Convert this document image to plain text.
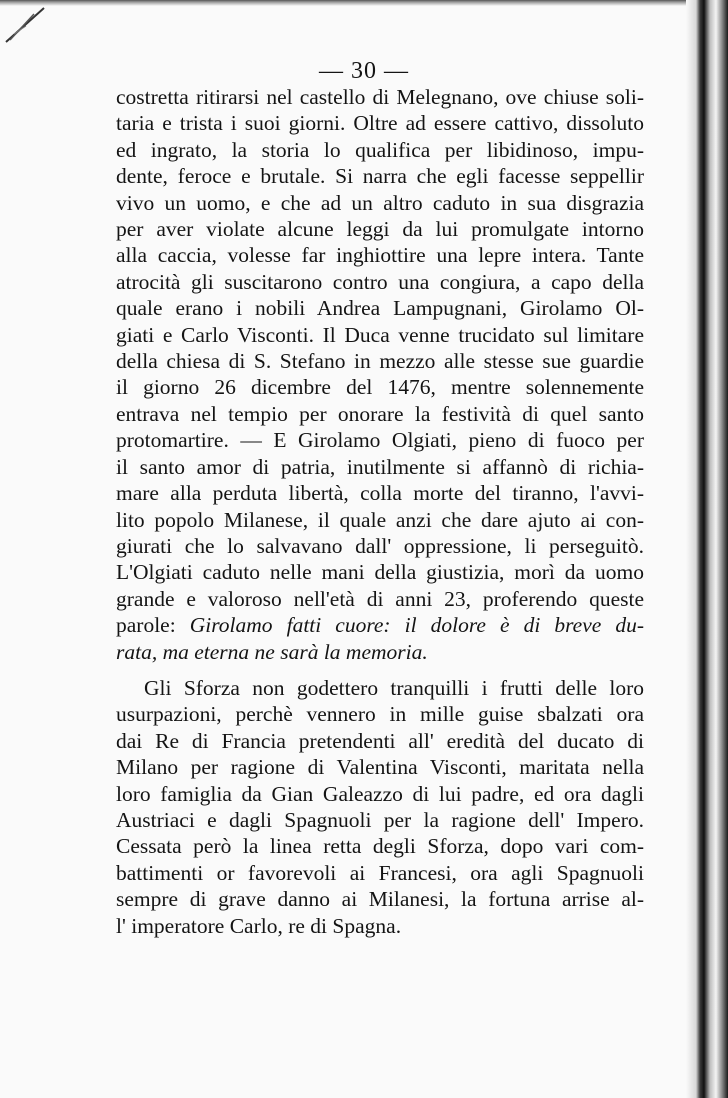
— 30 —
costretta ritirarsi nel castello di Melegnano, ove chiuse soli-
taria e trista i suoi giorni. Oltre ad essere cattivo, dissoluto
ed ingrato, la storia lo qualifica per libidinoso, impu-
dente, feroce e brutale. Si narra che egli facesse seppellir
vivo un uomo, e che ad un altro caduto in sua disgrazia
per aver violate alcune leggi da lui promulgate intorno
alla caccia, volesse far inghiottire una lepre intera. Tante
atrocità gli suscitarono contro una congiura, a capo della
quale erano i nobili Andrea Lampugnani, Girolamo Ol-
giati e Carlo Visconti. Il Duca venne trucidato sul limitare
della chiesa di S. Stefano in mezzo alle stesse sue guardie
il giorno 26 dicembre del 1476, mentre solennemente
entrava nel tempio per onorare la festività di quel santo
protomartire. — E Girolamo Olgiati, pieno di fuoco per
il santo amor di patria, inutilmente si affannò di richia-
mare alla perduta libertà, colla morte del tiranno, l'avvi-
lito popolo Milanese, il quale anzi che dare ajuto ai con-
giurati che lo salvavano dall' oppressione, li perseguitò.
L'Olgiati caduto nelle mani della giustizia, morì da uomo
grande e valoroso nell'età di anni 23, proferendo queste
parole: Girolamo fatti cuore: il dolore è di breve du-
rata, ma eterna ne sarà la memoria.
Gli Sforza non godettero tranquilli i frutti delle loro
usurpazioni, perchè vennero in mille guise sbalzati ora
dai Re di Francia pretendenti all' eredità del ducato di
Milano per ragione di Valentina Visconti, maritata nella
loro famiglia da Gian Galeazzo di lui padre, ed ora dagli
Austriaci e dagli Spagnuoli per la ragione dell' Impero.
Cessata però la linea retta degli Sforza, dopo vari com-
battimenti or favorevoli ai Francesi, ora agli Spagnuoli
sempre di grave danno ai Milanesi, la fortuna arrise al-
l' imperatore Carlo, re di Spagna.
